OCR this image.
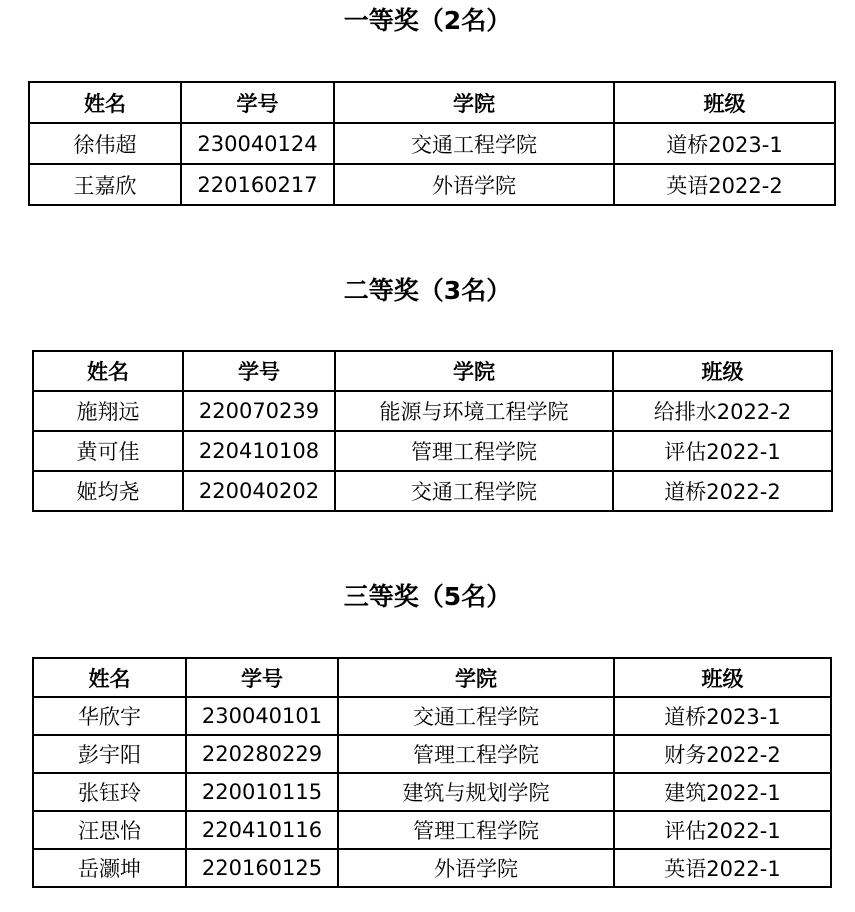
一等奖（2名）
姓名	学号	学院	班级
徐伟超	230040124	交通工程学院	道桥2023-1
王嘉欣	220160217	外语学院	英语2022-2
二等奖（3名）
姓名	学号	学院	班级
施翔远	220070239	能源与环境工程学院	给排水2022-2
黄可佳	220410108	管理工程学院	评估2022-1
姬均尧	220040202	交通工程学院	道桥2022-2
三等奖（5名）
姓名	学号	学院	班级
华欣宇	230040101	交通工程学院	道桥2023-1
彭宇阳	220280229	管理工程学院	财务2022-2
张钰玲	220010115	建筑与规划学院	建筑2022-1
汪思怡	220410116	管理工程学院	评估2022-1
岳灏坤	220160125	外语学院	英语2022-1
